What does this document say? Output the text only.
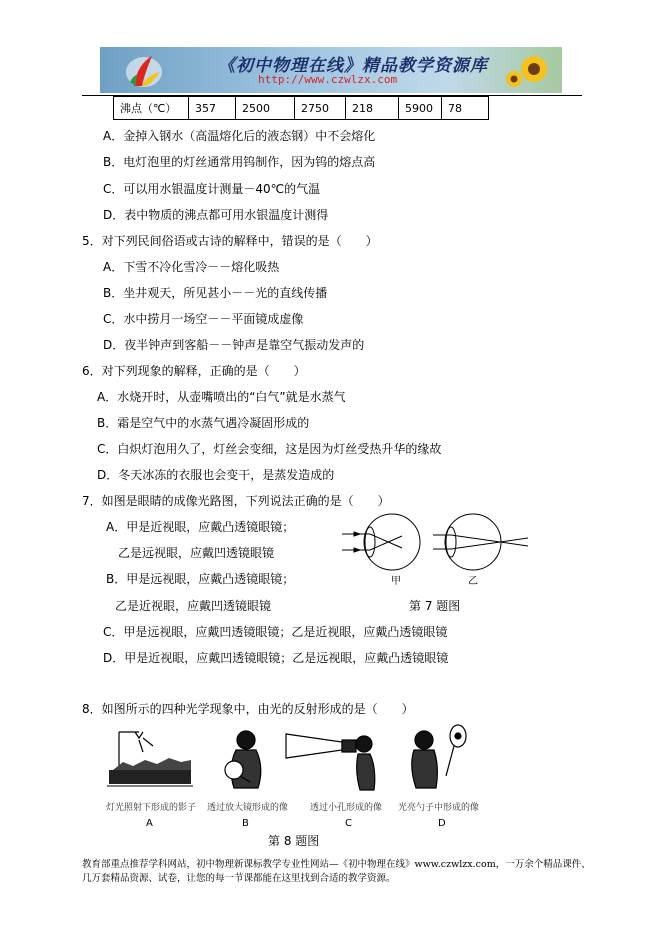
《初中物理在线》精品教学资源库
http://www.czwlzx.com
沸点（℃）	357	2500	2750	218	5900	78
A．金掉入钢水（高温熔化后的液态钢）中不会熔化
B．电灯泡里的灯丝通常用钨制作，因为钨的熔点高
C．可以用水银温度计测量－40℃的气温
D．表中物质的沸点都可用水银温度计测得
5．对下列民间俗语或古诗的解释中，错误的是（　　）
A．下雪不冷化雪冷－－熔化吸热
B．坐井观天，所见甚小－－光的直线传播
C．水中捞月一场空－－平面镜成虚像
D．夜半钟声到客船－－钟声是靠空气振动发声的
6．对下列现象的解释，正确的是（　　）
A．水烧开时，从壶嘴喷出的“白气”就是水蒸气
B．霜是空气中的水蒸气遇冷凝固形成的
C．白炽灯泡用久了，灯丝会变细，这是因为灯丝受热升华的缘故
D．冬天冰冻的衣服也会变干，是蒸发造成的
7．如图是眼睛的成像光路图，下列说法正确的是（　　）
A．甲是近视眼，应戴凸透镜眼镜；
乙是远视眼，应戴凹透镜眼镜
B．甲是远视眼，应戴凸透镜眼镜；
乙是近视眼，应戴凹透镜眼镜
C．甲是远视眼，应戴凹透镜眼镜；乙是近视眼，应戴凸透镜眼镜
D．甲是近视眼，应戴凹透镜眼镜；乙是远视眼，应戴凸透镜眼镜
甲	乙
第 7 题图
8．如图所示的四种光学现象中，由光的反射形成的是（　　）
灯光照射下形成的影子 透过放大镜形成的像 透过小孔形成的像 光亮勺子中形成的像
A	B	C	D
第 8 题图
教育部重点推荐学科网站，初中物理新课标教学专业性网站—《初中物理在线》www.czwlzx.com，一万余个精品课件、
几万套精品资源、试卷，让您的每一节课都能在这里找到合适的教学资源。
